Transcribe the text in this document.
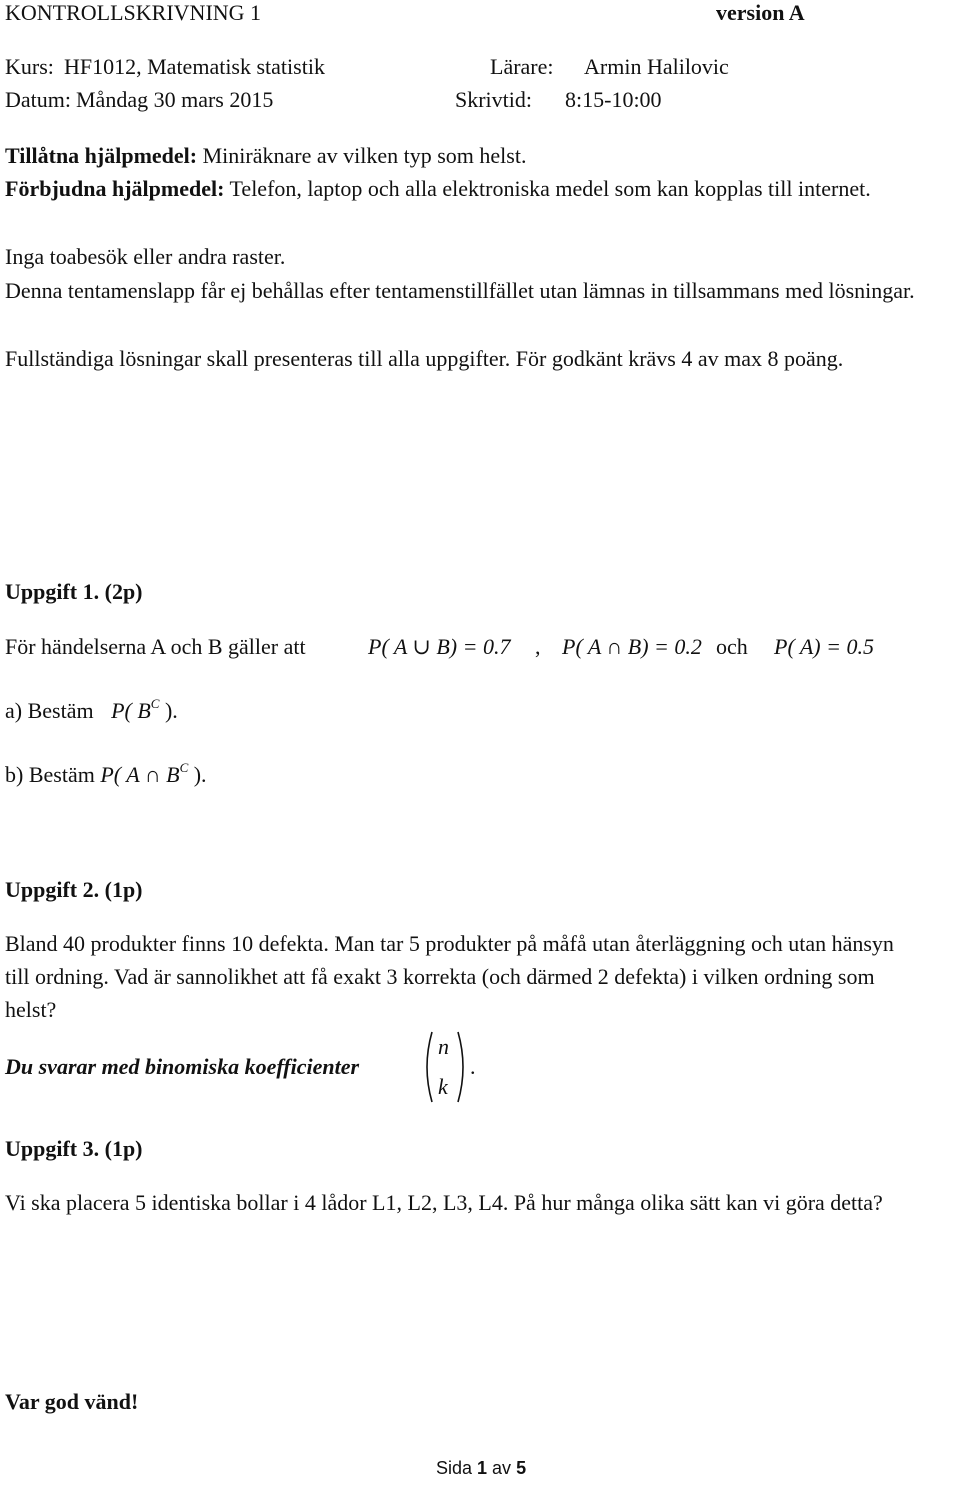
KONTROLLSKRIVNING 1	version A
Kurs: HF1012, Matematisk statistik	Lärare: Armin Halilovic
Datum: Måndag 30 mars 2015	Skrivtid: 8:15-10:00
Tillåtna hjälpmedel: Miniräknare av vilken typ som helst.
Förbjudna hjälpmedel: Telefon, laptop och alla elektroniska medel som kan kopplas till internet.
Inga toabesök eller andra raster.
Denna tentamenslapp får ej behållas efter tentamenstillfället utan lämnas in tillsammans med lösningar.
Fullständiga lösningar skall presenteras till alla uppgifter. För godkänt krävs 4 av max 8 poäng.
Uppgift 1. (2p)
För händelserna A och B gäller att	P( A ∪ B) = 0.7 , P( A ∩ B) = 0.2 och P( A) = 0.5
a) Bestäm P( $B^C$ ).
b) Bestäm P( A ∩ $B^C$ ).
Uppgift 2. (1p)
Bland 40 produkter finns 10 defekta. Man tar 5 produkter på måfå utan återläggning och utan hänsyn till ordning. Vad är sannolikhet att få exakt 3 korrekta (och därmed 2 defekta) i vilken ordning som helst?
Du svarar med binomiska koefficienter
n
k
.
Uppgift 3. (1p)
Vi ska placera 5 identiska bollar i 4 lådor L1, L2, L3, L4. På hur många olika sätt kan vi göra detta?
Var god vänd!
Sida 1 av 5
